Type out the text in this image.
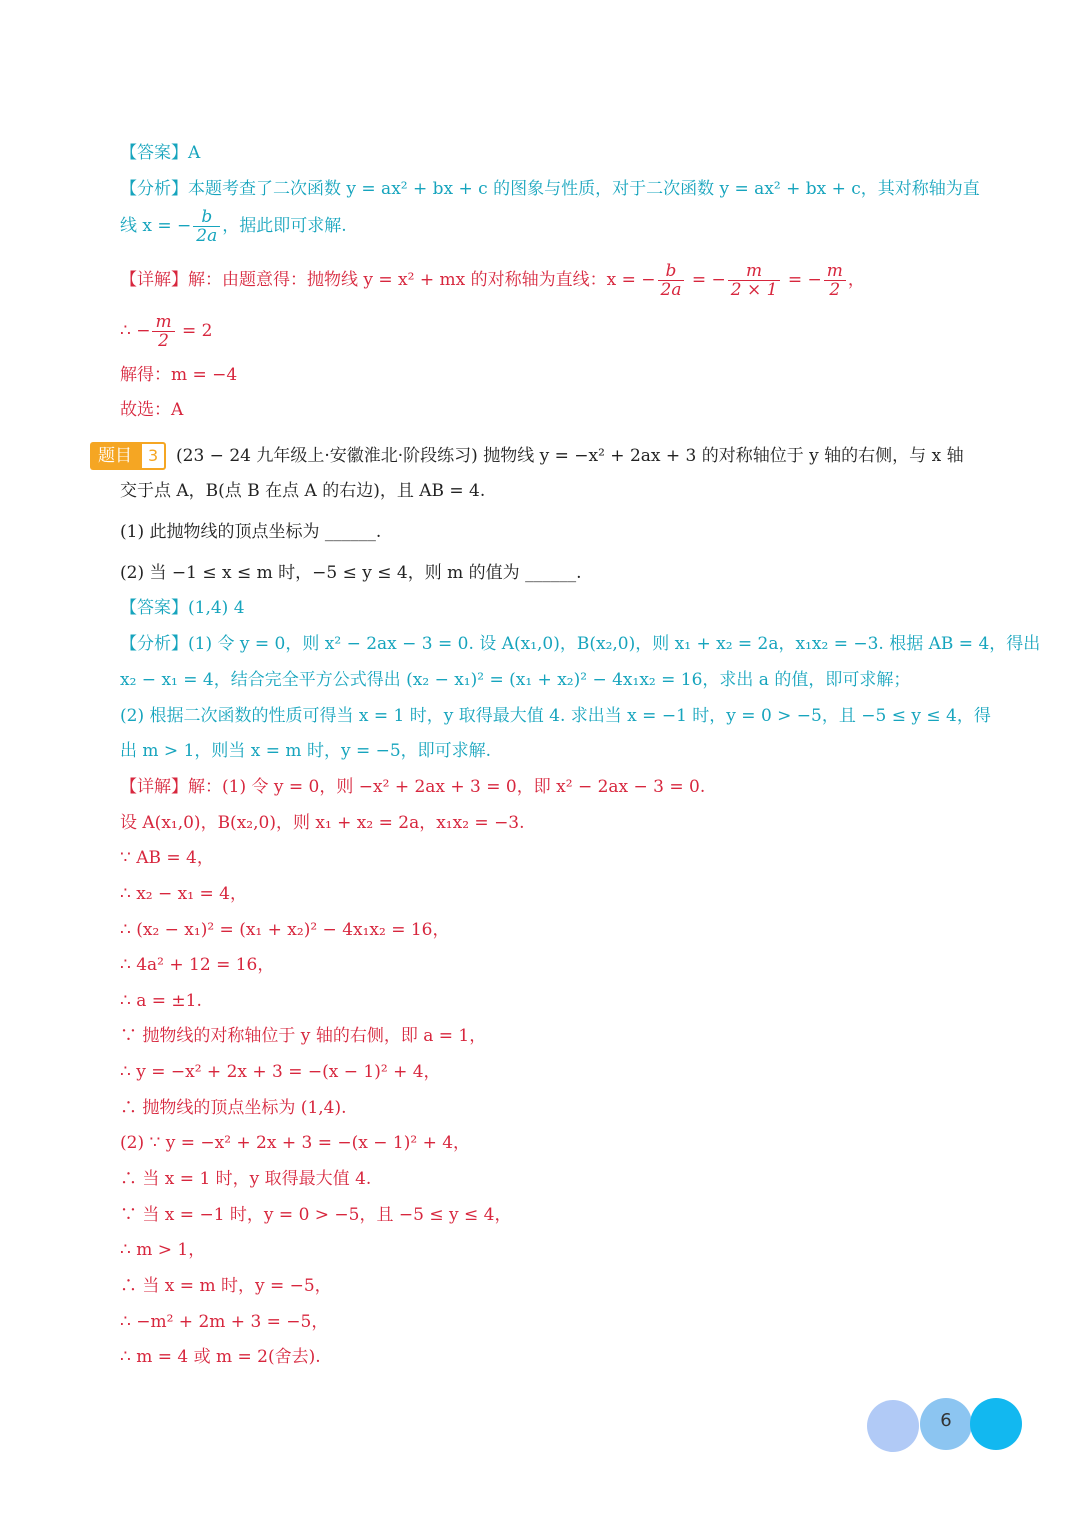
【答案】A
【分析】本题考查了二次函数 y = ax² + bx + c 的图象与性质，对于二次函数 y = ax² + bx + c，其对称轴为直
线 x = − $\frac{b}{2a}$ ，据此即可求解.
【详解】解：由题意得：抛物线 y = x² + mx 的对称轴为直线：x = − $\frac{b}{2a}$ = − $\frac{m}{2 \times 1}$ = − $\frac{m}{2}$ ，
∴ − $\frac{m}{2} = 2$
解得：m = −4
故选：A
题目	3	(23 − 24 九年级上·安徽淮北·阶段练习) 抛物线 y = −x² + 2ax + 3 的对称轴位于 y 轴的右侧，与 x 轴
交于点 A，B(点 B 在点 A 的右边)，且 AB = 4.
(1) 此抛物线的顶点坐标为 ______.
(2) 当 −1 ≤ x ≤ m 时，−5 ≤ y ≤ 4，则 m 的值为 ______.
【答案】(1,4) 4
【分析】(1) 令 y = 0，则 x² − 2ax − 3 = 0. 设 A(x₁,0)，B(x₂,0)，则 x₁ + x₂ = 2a，x₁x₂ = −3. 根据 AB = 4，得出
x₂ − x₁ = 4，结合完全平方公式得出 (x₂ − x₁)² = (x₁ + x₂)² − 4x₁x₂ = 16，求出 a 的值，即可求解；
(2) 根据二次函数的性质可得当 x = 1 时，y 取得最大值 4. 求出当 x = −1 时，y = 0 > −5，且 −5 ≤ y ≤ 4，得
出 m > 1，则当 x = m 时，y = −5，即可求解.
【详解】解：(1) 令 y = 0，则 −x² + 2ax + 3 = 0，即 x² − 2ax − 3 = 0.
设 A(x₁,0)，B(x₂,0)，则 x₁ + x₂ = 2a，x₁x₂ = −3.
∵ AB = 4，
∴ x₂ − x₁ = 4，
∴ (x₂ − x₁)² = (x₁ + x₂)² − 4x₁x₂ = 16，
∴ 4a² + 12 = 16，
∴ a = ±1.
∵ 抛物线的对称轴位于 y 轴的右侧，即 a = 1，
∴ y = −x² + 2x + 3 = −(x − 1)² + 4，
∴ 抛物线的顶点坐标为 (1,4).
(2) ∵ y = −x² + 2x + 3 = −(x − 1)² + 4，
∴ 当 x = 1 时，y 取得最大值 4.
∵ 当 x = −1 时，y = 0 > −5，且 −5 ≤ y ≤ 4，
∴ m > 1，
∴ 当 x = m 时，y = −5，
∴ −m² + 2m + 3 = −5，
∴ m = 4 或 m = 2(舍去).
6
